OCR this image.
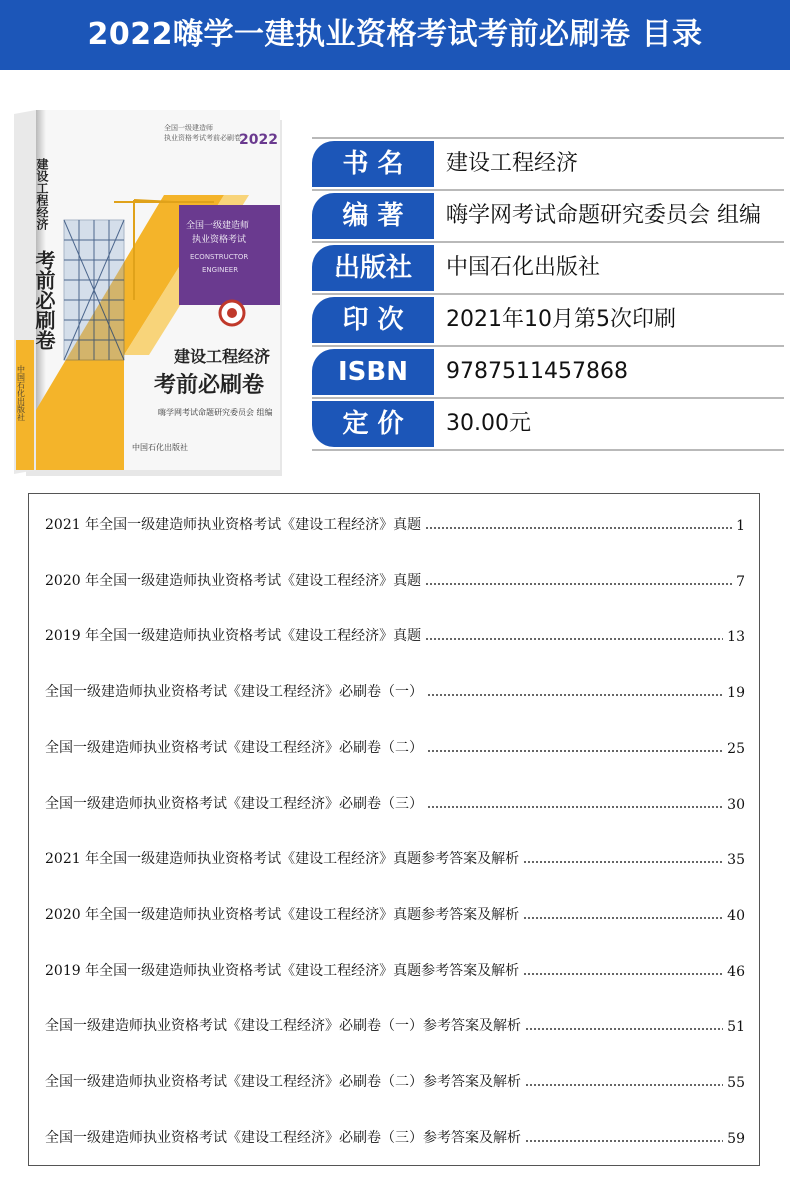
2022嗨学一建执业资格考试考前必刷卷 目录
中国石化出版社
全国一级建造师
执业资格考试考前必刷卷
2022
建设工程经济
考前必刷卷
全国一级建造师
执业资格考试
ECONSTRUCTOR
ENGINEER
建设工程经济
考前必刷卷
嗨学网考试命题研究委员会 组编
中国石化出版社
书 名	建设工程经济
编 著	嗨学网考试命题研究委员会 组编
出版社	中国石化出版社
印 次	2021年10月第5次印刷
ISBN	9787511457868
定 价	30.00元
2021 年全国一级建造师执业资格考试《建设工程经济》真题	1
2020 年全国一级建造师执业资格考试《建设工程经济》真题	7
2019 年全国一级建造师执业资格考试《建设工程经济》真题	13
全国一级建造师执业资格考试《建设工程经济》必刷卷（一）	19
全国一级建造师执业资格考试《建设工程经济》必刷卷（二）	25
全国一级建造师执业资格考试《建设工程经济》必刷卷（三）	30
2021 年全国一级建造师执业资格考试《建设工程经济》真题参考答案及解析	35
2020 年全国一级建造师执业资格考试《建设工程经济》真题参考答案及解析	40
2019 年全国一级建造师执业资格考试《建设工程经济》真题参考答案及解析	46
全国一级建造师执业资格考试《建设工程经济》必刷卷（一）参考答案及解析	51
全国一级建造师执业资格考试《建设工程经济》必刷卷（二）参考答案及解析	55
全国一级建造师执业资格考试《建设工程经济》必刷卷（三）参考答案及解析	59
